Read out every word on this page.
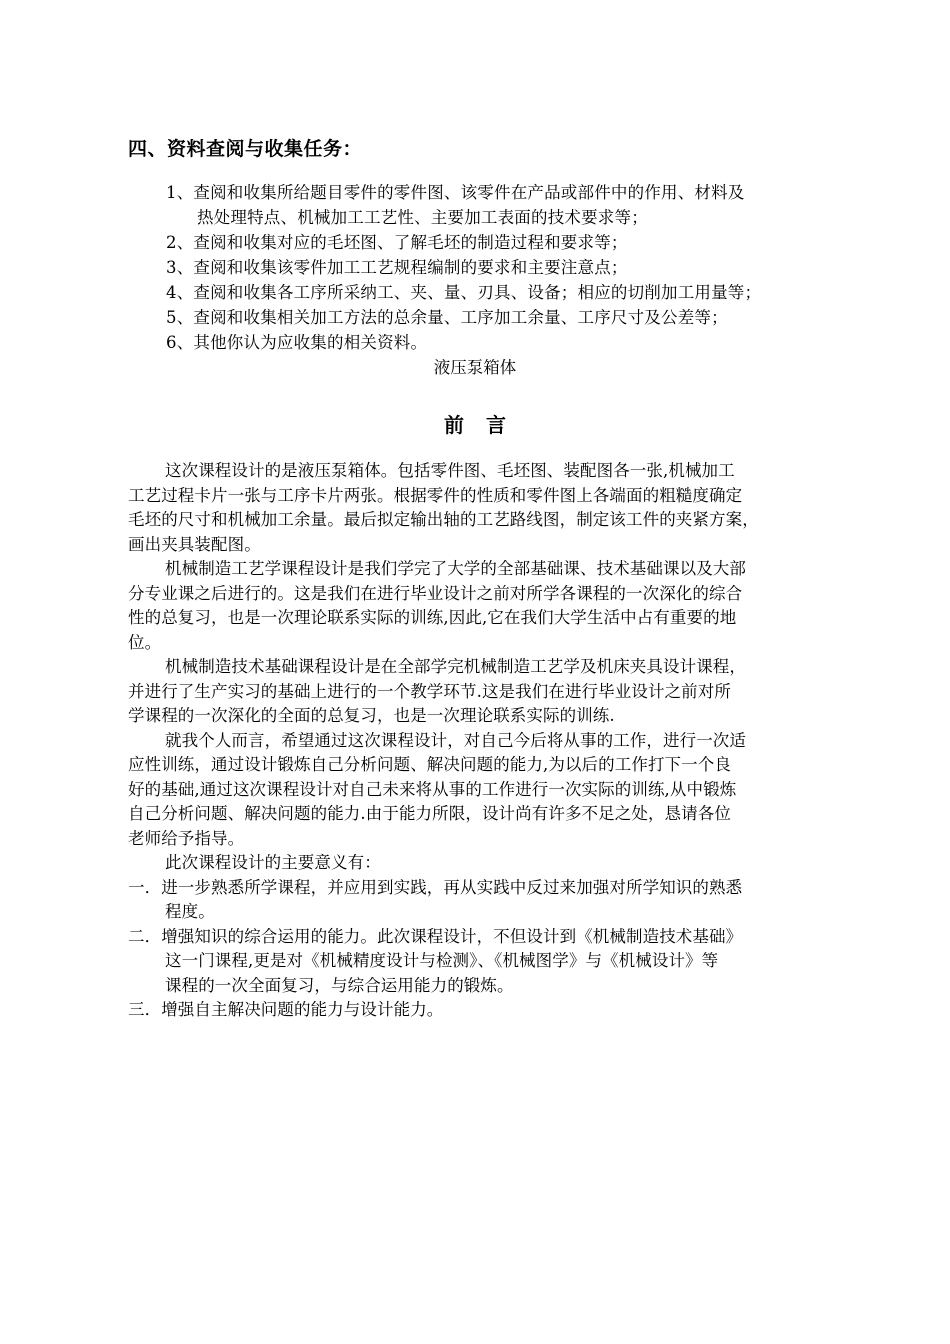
四、资料查阅与收集任务：
1、查阅和收集所给题目零件的零件图、该零件在产品或部件中的作用、材料及
热处理特点、机械加工工艺性、主要加工表面的技术要求等；
2、查阅和收集对应的毛坯图、了解毛坯的制造过程和要求等；
3、查阅和收集该零件加工工艺规程编制的要求和主要注意点；
4、查阅和收集各工序所采纳工、夹、量、刃具、设备；相应的切削加工用量等；
5、查阅和收集相关加工方法的总余量、工序加工余量、工序尺寸及公差等；
6、其他你认为应收集的相关资料。
液压泵箱体
前言
这次课程设计的是液压泵箱体。包括零件图、毛坯图、装配图各一张,机械加工
工艺过程卡片一张与工序卡片两张。根据零件的性质和零件图上各端面的粗糙度确定
毛坯的尺寸和机械加工余量。最后拟定输出轴的工艺路线图，制定该工件的夹紧方案，
画出夹具装配图。
机械制造工艺学课程设计是我们学完了大学的全部基础课、技术基础课以及大部
分专业课之后进行的。这是我们在进行毕业设计之前对所学各课程的一次深化的综合
性的总复习，也是一次理论联系实际的训练,因此,它在我们大学生活中占有重要的地
位。
机械制造技术基础课程设计是在全部学完机械制造工艺学及机床夹具设计课程，
并进行了生产实习的基础上进行的一个教学环节.这是我们在进行毕业设计之前对所
学课程的一次深化的全面的总复习，也是一次理论联系实际的训练.
就我个人而言，希望通过这次课程设计，对自己今后将从事的工作，进行一次适
应性训练，通过设计锻炼自己分析问题、解决问题的能力,为以后的工作打下一个良
好的基础,通过这次课程设计对自己未来将从事的工作进行一次实际的训练,从中锻炼
自己分析问题、解决问题的能力.由于能力所限，设计尚有许多不足之处，恳请各位
老师给予指导。
此次课程设计的主要意义有：
一．进一步熟悉所学课程，并应用到实践，再从实践中反过来加强对所学知识的熟悉
程度。
二．增强知识的综合运用的能力。此次课程设计，不但设计到《机械制造技术基础》
这一门课程,更是对《机械精度设计与检测》、《机械图学》与《机械设计》等
课程的一次全面复习，与综合运用能力的锻炼。
三．增强自主解决问题的能力与设计能力。
